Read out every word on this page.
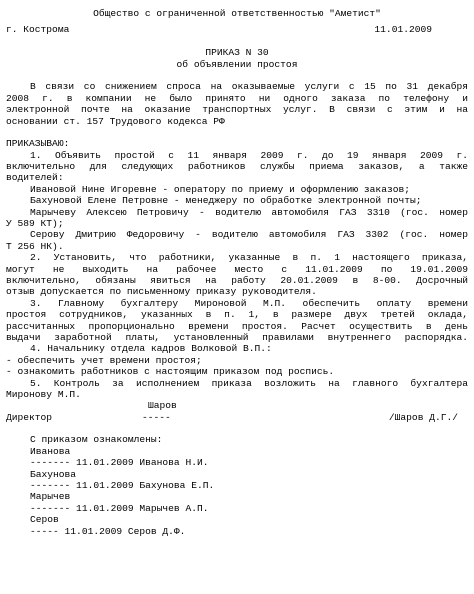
Общество с ограниченной ответственностью "Аметист"
г. Кострома	11.01.2009
ПРИКАЗ N 30
об объявлении простоя
В связи со снижением спроса на оказываемые услуги с 15 по 31 декабря
2008 г. в компании не было принято ни одного заказа по телефону и
электронной почте на оказание транспортных услуг. В связи с этим и на
основании ст. 157 Трудового кодекса РФ
ПРИКАЗЫВАЮ:
1. Объявить простой с 11 января 2009 г. до 19 января 2009 г.
включительно для следующих работников службы приема заказов, а также
водителей:
Ивановой Нине Игоревне - оператору по приему и оформлению заказов;
Бахуновой Елене Петровне - менеджеру по обработке электронной почты;
Марычеву Алексею Петровичу - водителю автомобиля ГАЗ 3310 (гос. номер
У 589 КТ);
Серову Дмитрию Федоровичу - водителю автомобиля ГАЗ 3302 (гос. номер
Т 256 НК).
2. Установить, что работники, указанные в п. 1 настоящего приказа,
могут не выходить на рабочее место с 11.01.2009 по 19.01.2009
включительно, обязаны явиться на работу 20.01.2009 в 8-00. Досрочный
отзыв допускается по письменному приказу руководителя.
3. Главному бухгалтеру Мироновой М.П. обеспечить оплату времени
простоя сотрудников, указанных в п. 1, в размере двух третей оклада,
рассчитанных пропорционально времени простоя. Расчет осуществить в день
выдачи заработной платы, установленный правилами внутреннего распорядка.
4. Начальнику отдела кадров Волковой В.П.:
- обеспечить учет времени простоя;
- ознакомить работников с настоящим приказом под роспись.
5. Контроль за исполнением приказа возложить на главного бухгалтера
Миронову М.П.
Шаров
Директор	-----	/Шаров Д.Г./
С приказом ознакомлены:
Иванова
------- 11.01.2009 Иванова Н.И.
Бахунова
------- 11.01.2009 Бахунова Е.П.
Марычев
------- 11.01.2009 Марычев А.П.
Серов
----- 11.01.2009 Серов Д.Ф.
